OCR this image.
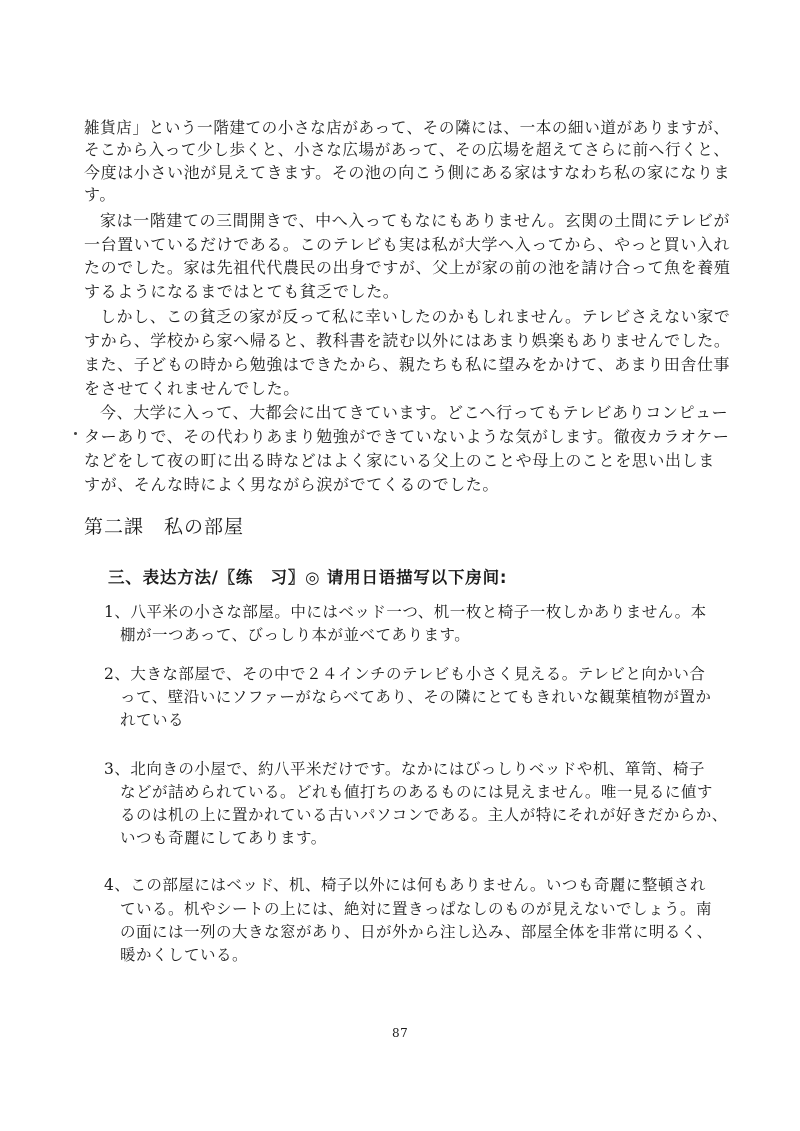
雑貨店」という一階建ての小さな店があって、その隣には、一本の細い道がありますが、
そこから入って少し歩くと、小さな広場があって、その広場を超えてさらに前へ行くと、
今度は小さい池が見えてきます。その池の向こう側にある家はすなわち私の家になりま
す。
家は一階建ての三間開きで、中へ入ってもなにもありません。玄関の土間にテレビが
一台置いているだけである。このテレビも実は私が大学へ入ってから、やっと買い入れ
たのでした。家は先祖代代農民の出身ですが、父上が家の前の池を請け合って魚を養殖
するようになるまではとても貧乏でした。
しかし、この貧乏の家が反って私に幸いしたのかもしれません。テレビさえない家で
すから、学校から家へ帰ると、教科書を読む以外にはあまり娯楽もありませんでした。
また、子どもの時から勉強はできたから、親たちも私に望みをかけて、あまり田舎仕事
をさせてくれませんでした。
今、大学に入って、大都会に出てきています。どこへ行ってもテレビありコンピュー
ターありで、その代わりあまり勉強ができていないような気がします。徹夜カラオケー
などをして夜の町に出る時などはよく家にいる父上のことや母上のことを思い出しま
すが、そんな時によく男ながら涙がでてくるのでした。
第二課　私の部屋
三、表达方法/〖练　习〗◎ 请用日语描写以下房间:
1、八平米の小さな部屋。中にはベッド一つ、机一枚と椅子一枚しかありません。本
棚が一つあって、びっしり本が並べてあります。
2、大きな部屋で、その中で２４インチのテレビも小さく見える。テレビと向かい合
って、壁沿いにソファーがならべてあり、その隣にとてもきれいな観葉植物が置か
れている
3、北向きの小屋で、約八平米だけです。なかにはびっしりベッドや机、箪笥、椅子
などが詰められている。どれも値打ちのあるものには見えません。唯一見るに値す
るのは机の上に置かれている古いパソコンである。主人が特にそれが好きだからか、
いつも奇麗にしてあります。
4、この部屋にはベッド、机、椅子以外には何もありません。いつも奇麗に整頓され
ている。机やシートの上には、絶対に置きっぱなしのものが見えないでしょう。南
の面には一列の大きな窓があり、日が外から注し込み、部屋全体を非常に明るく、
暖かくしている。
87
